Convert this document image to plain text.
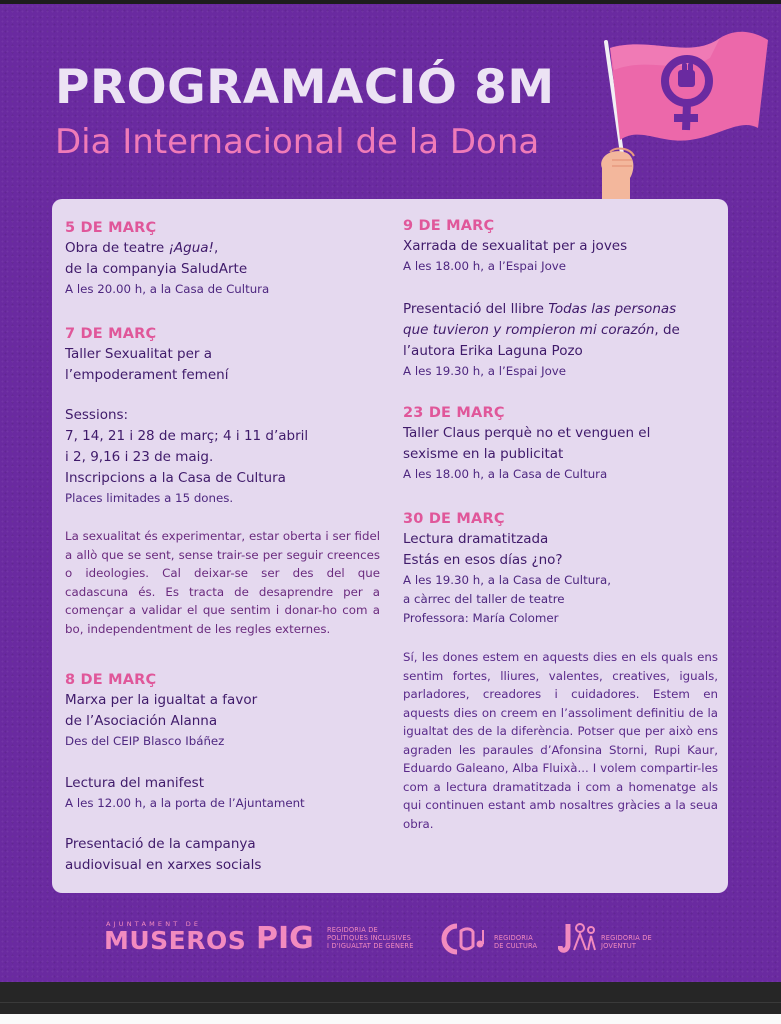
PROGRAMACIÓ 8M
Dia Internacional de la Dona
5 DE MARÇ
Obra de teatre ¡Agua!,
de la companyia SaludArte
A les 20.00 h, a la Casa de Cultura
7 DE MARÇ
Taller Sexualitat per a
l’empoderament femení
Sessions:
7, 14, 21 i 28 de març; 4 i 11 d’abril
i 2, 9,16 i 23 de maig.
Inscripcions a la Casa de Cultura
Places limitades a 15 dones.
La sexualitat és experimentar, estar oberta i ser fidel a allò que se sent, sense trair-se per seguir creences o ideologies. Cal deixar-se ser des del que cadascuna és. Es tracta de desaprendre per a començar a validar el que sentim i donar-ho com a bo, independentment de les regles externes.
8 DE MARÇ
Marxa per la igualtat a favor
de l’Asociación Alanna
Des del CEIP Blasco Ibáñez
Lectura del manifest
A les 12.00 h, a la porta de l’Ajuntament
Presentació de la campanya
audiovisual en xarxes socials
9 DE MARÇ
Xarrada de sexualitat per a joves
A les 18.00 h, a l’Espai Jove
Presentació del llibre Todas las personas
que tuvieron y rompieron mi corazón, de
l’autora Erika Laguna Pozo
A les 19.30 h, a l’Espai Jove
23 DE MARÇ
Taller Claus perquè no et venguen el
sexisme en la publicitat
A les 18.00 h, a la Casa de Cultura
30 DE MARÇ
Lectura dramatitzada
Estás en esos días ¿no?
A les 19.30 h, a la Casa de Cultura,
a càrrec del taller de teatre
Professora: María Colomer
Sí, les dones estem en aquests dies en els quals ens sentim fortes, lliures, valentes, creatives, iguals, parladores, creadores i cuidadores. Estem en aquests dies on creem en l’assoliment definitiu de la igualtat des de la diferència. Potser que per això ens agraden les paraules d’Afonsina Storni, Rupi Kaur, Eduardo Galeano, Alba Fluixà... I volem compartir-les com a lectura dramatitzada i com a homenatge als qui continuen estant amb nosaltres gràcies a la seua obra.
AJUNTAMENT DE
MUSEROS PIG REGIDORIA DE
POLÍTIQUES INCLUSIVES
I D'IGUALTAT DE GÈNERE
REGIDORIA
DE CULTURA
REGIDORIA DE
JOVENTUT
